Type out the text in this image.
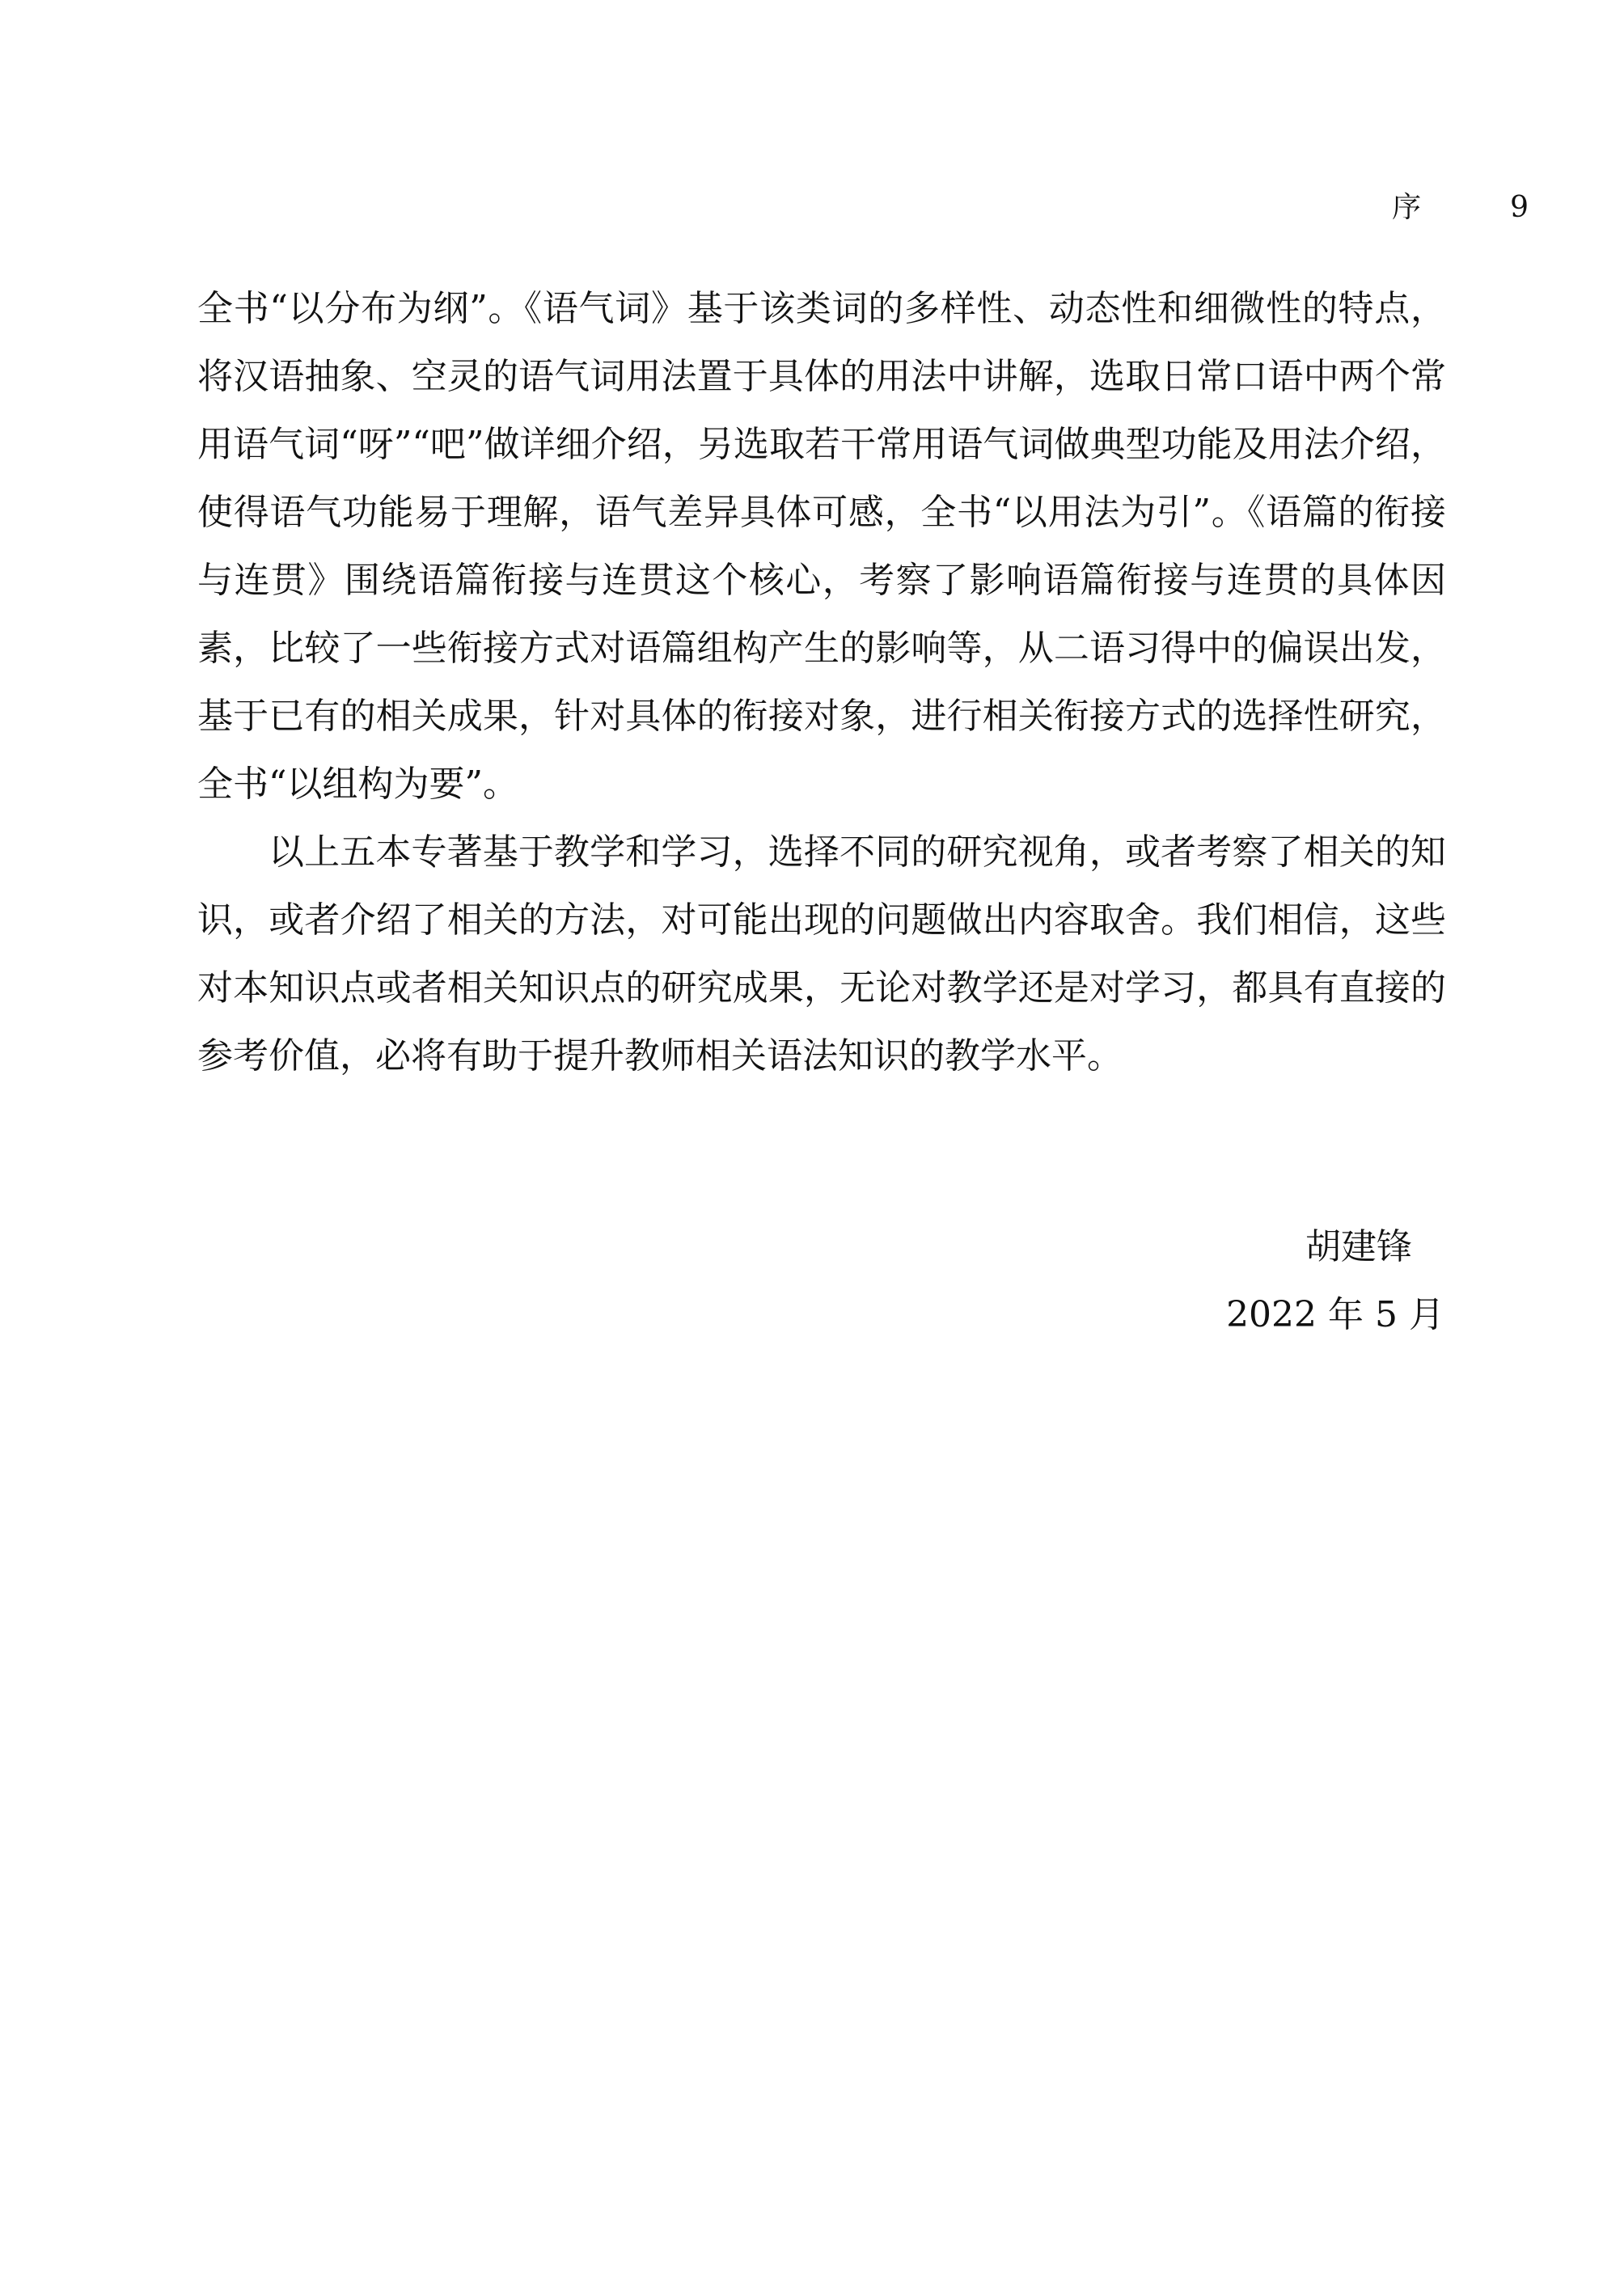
序	9

全书“以分布为纲”。《语气词》基于该类词的多样性、动态性和细微性的特点，将汉语抽象、空灵的语气词用法置于具体的用法中讲解，选取日常口语中两个常用语气词“呀”“吧”做详细介绍，另选取若干常用语气词做典型功能及用法介绍，使得语气功能易于理解，语气差异具体可感，全书“以用法为引”。《语篇的衔接与连贯》围绕语篇衔接与连贯这个核心，考察了影响语篇衔接与连贯的具体因素，比较了一些衔接方式对语篇组构产生的影响等，从二语习得中的偏误出发，基于已有的相关成果，针对具体的衔接对象，进行相关衔接方式的选择性研究，全书“以组构为要”。

以上五本专著基于教学和学习，选择不同的研究视角，或者考察了相关的知识，或者介绍了相关的方法，对可能出现的问题做出内容取舍。我们相信，这些对本知识点或者相关知识点的研究成果，无论对教学还是对学习，都具有直接的参考价值，必将有助于提升教师相关语法知识的教学水平。

胡建锋
2022 年 5 月
